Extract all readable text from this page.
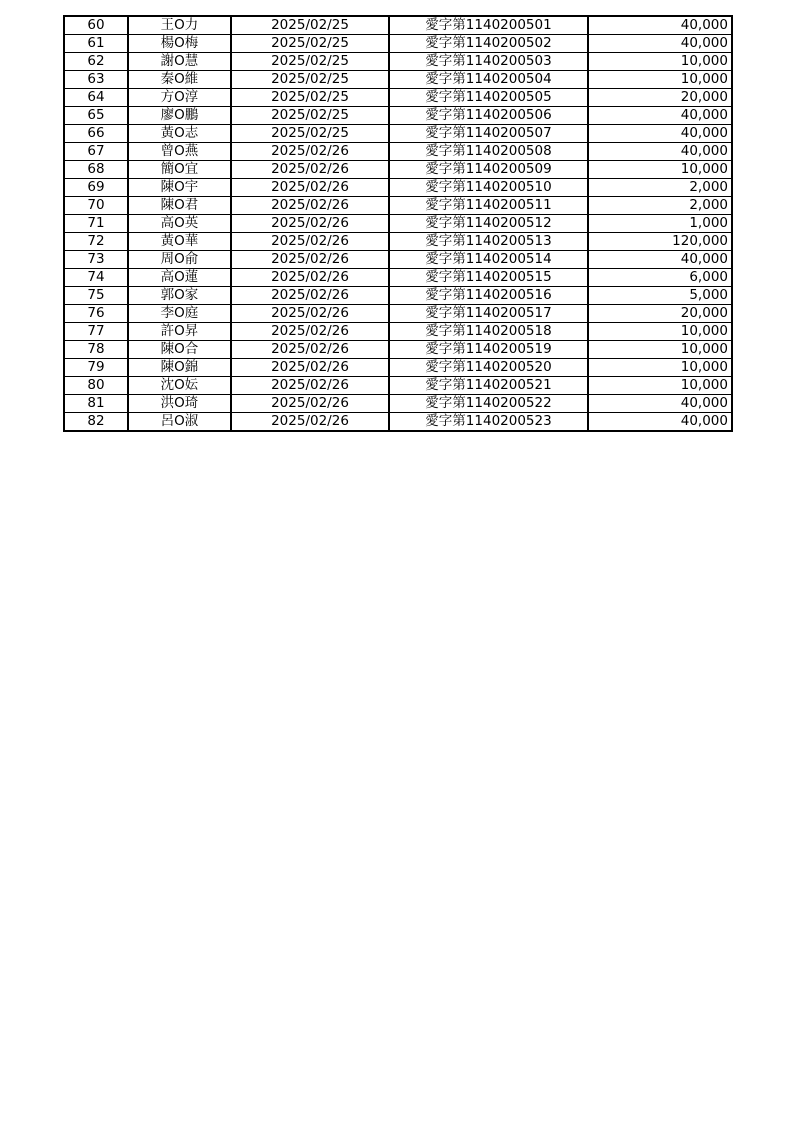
60	王O力	2025/02/25	愛字第1140200501	40,000
61	楊O梅	2025/02/25	愛字第1140200502	40,000
62	謝O慧	2025/02/25	愛字第1140200503	10,000
63	秦O維	2025/02/25	愛字第1140200504	10,000
64	方O淳	2025/02/25	愛字第1140200505	20,000
65	廖O鵬	2025/02/25	愛字第1140200506	40,000
66	黃O志	2025/02/25	愛字第1140200507	40,000
67	曾O燕	2025/02/26	愛字第1140200508	40,000
68	簡O宜	2025/02/26	愛字第1140200509	10,000
69	陳O宇	2025/02/26	愛字第1140200510	2,000
70	陳O君	2025/02/26	愛字第1140200511	2,000
71	高O英	2025/02/26	愛字第1140200512	1,000
72	黃O華	2025/02/26	愛字第1140200513	120,000
73	周O俞	2025/02/26	愛字第1140200514	40,000
74	高O蓮	2025/02/26	愛字第1140200515	6,000
75	郭O家	2025/02/26	愛字第1140200516	5,000
76	李O庭	2025/02/26	愛字第1140200517	20,000
77	許O昇	2025/02/26	愛字第1140200518	10,000
78	陳O合	2025/02/26	愛字第1140200519	10,000
79	陳O錦	2025/02/26	愛字第1140200520	10,000
80	沈O妘	2025/02/26	愛字第1140200521	10,000
81	洪O琦	2025/02/26	愛字第1140200522	40,000
82	呂O淑	2025/02/26	愛字第1140200523	40,000
